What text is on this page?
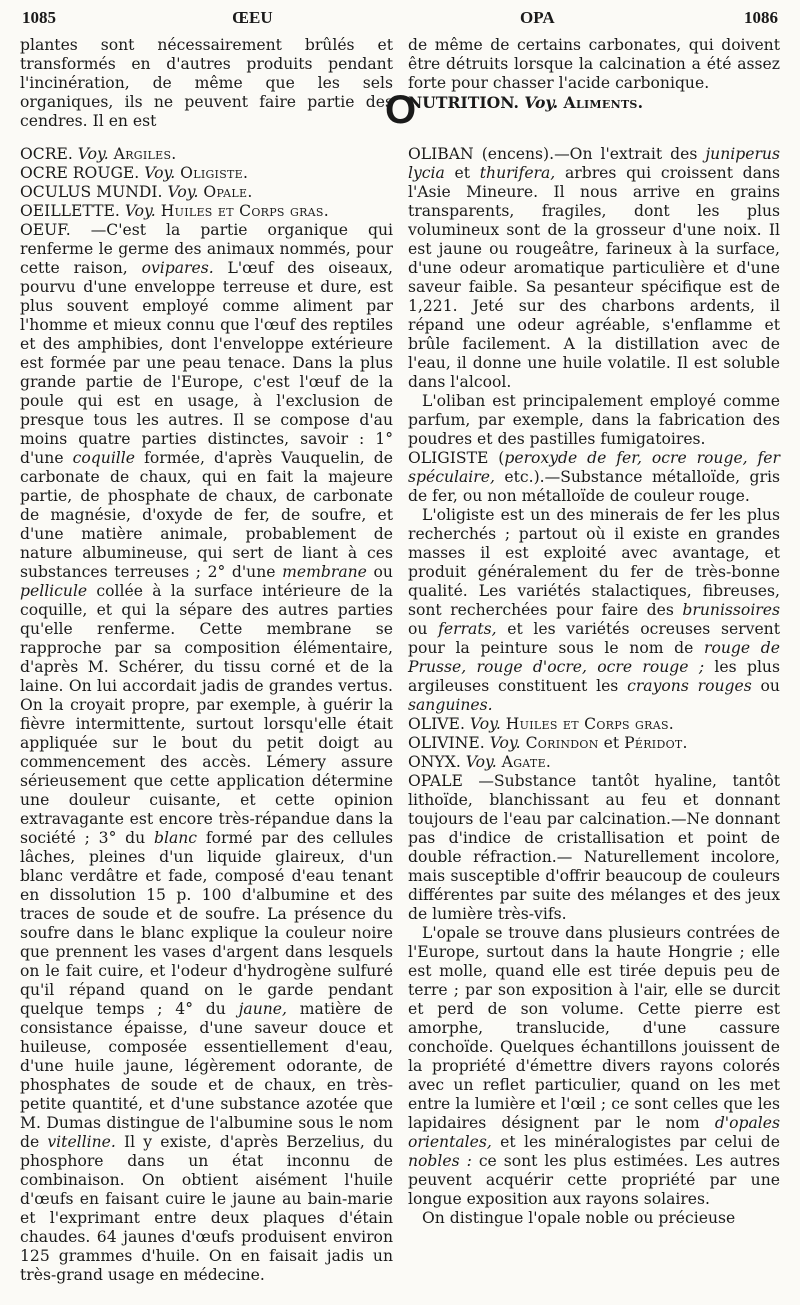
1085	ŒEU	OPA	1086

plantes sont nécessairement brûlés et transformés en d'autres produits pendant l'incinération, de même que les sels organiques, ils ne peuvent faire partie des cendres. Il en est

de même de certains carbonates, qui doivent être détruits lorsque la calcination a été assez forte pour chasser l'acide carbonique.

NUTRITION. Voy. Aliments.

O

OCRE. Voy. Argiles.

OCRE ROUGE. Voy. Oligiste.

OCULUS MUNDI. Voy. Opale.

OEILLETTE. Voy. Huiles et Corps gras.

OEUF. —C'est la partie organique qui renferme le germe des animaux nommés, pour cette raison, ovipares. L'œuf des oiseaux, pourvu d'une enveloppe terreuse et dure, est plus souvent employé comme aliment par l'homme et mieux connu que l'œuf des reptiles et des amphibies, dont l'enveloppe extérieure est formée par une peau tenace. Dans la plus grande partie de l'Europe, c'est l'œuf de la poule qui est en usage, à l'exclusion de presque tous les autres. Il se compose d'au moins quatre parties distinctes, savoir : 1° d'une coquille formée, d'après Vauquelin, de carbonate de chaux, qui en fait la majeure partie, de phosphate de chaux, de carbonate de magnésie, d'oxyde de fer, de soufre, et d'une matière animale, probablement de nature albumineuse, qui sert de liant à ces substances terreuses ; 2° d'une membrane ou pellicule collée à la surface intérieure de la coquille, et qui la sépare des autres parties qu'elle renferme. Cette membrane se rapproche par sa composition élémentaire, d'après M. Schérer, du tissu corné et de la laine. On lui accordait jadis de grandes vertus. On la croyait propre, par exemple, à guérir la fièvre intermittente, surtout lorsqu'elle était appliquée sur le bout du petit doigt au commencement des accès. Lémery assure sérieusement que cette application détermine une douleur cuisante, et cette opinion extravagante est encore très-répandue dans la société ; 3° du blanc formé par des cellules lâches, pleines d'un liquide glaireux, d'un blanc verdâtre et fade, composé d'eau tenant en dissolution 15 p. 100 d'albumine et des traces de soude et de soufre. La présence du soufre dans le blanc explique la couleur noire que prennent les vases d'argent dans lesquels on le fait cuire, et l'odeur d'hydrogène sulfuré qu'il répand quand on le garde pendant quelque temps ; 4° du jaune, matière de consistance épaisse, d'une saveur douce et huileuse, composée essentiellement d'eau, d'une huile jaune, légèrement odorante, de phosphates de soude et de chaux, en très-petite quantité, et d'une substance azotée que M. Dumas distingue de l'albumine sous le nom de vitelline. Il y existe, d'après Berzelius, du phosphore dans un état inconnu de combinaison. On obtient aisément l'huile d'œufs en faisant cuire le jaune au bain-marie et l'exprimant entre deux plaques d'étain chaudes. 64 jaunes d'œufs produisent environ 125 grammes d'huile. On en faisait jadis un très-grand usage en médecine.

OLIBAN (encens).—On l'extrait des juniperus lycia et thurifera, arbres qui croissent dans l'Asie Mineure. Il nous arrive en grains transparents, fragiles, dont les plus volumineux sont de la grosseur d'une noix. Il est jaune ou rougeâtre, farineux à la surface, d'une odeur aromatique particulière et d'une saveur faible. Sa pesanteur spécifique est de 1,221. Jeté sur des charbons ardents, il répand une odeur agréable, s'enflamme et brûle facilement. A la distillation avec de l'eau, il donne une huile volatile. Il est soluble dans l'alcool.

L'oliban est principalement employé comme parfum, par exemple, dans la fabrication des poudres et des pastilles fumigatoires.

OLIGISTE (peroxyde de fer, ocre rouge, fer spéculaire, etc.).—Substance métalloïde, gris de fer, ou non métalloïde de couleur rouge.

L'oligiste est un des minerais de fer les plus recherchés ; partout où il existe en grandes masses il est exploité avec avantage, et produit généralement du fer de très-bonne qualité. Les variétés stalactiques, fibreuses, sont recherchées pour faire des brunissoires ou ferrats, et les variétés ocreuses servent pour la peinture sous le nom de rouge de Prusse, rouge d'ocre, ocre rouge ; les plus argileuses constituent les crayons rouges ou sanguines.

OLIVE. Voy. Huiles et Corps gras.

OLIVINE. Voy. Corindon et Péridot.

ONYX. Voy. Agate.

OPALE —Substance tantôt hyaline, tantôt lithoïde, blanchissant au feu et donnant toujours de l'eau par calcination.—Ne donnant pas d'indice de cristallisation et point de double réfraction.— Naturellement incolore, mais susceptible d'offrir beaucoup de couleurs différentes par suite des mélanges et des jeux de lumière très-vifs.

L'opale se trouve dans plusieurs contrées de l'Europe, surtout dans la haute Hongrie ; elle est molle, quand elle est tirée depuis peu de terre ; par son exposition à l'air, elle se durcit et perd de son volume. Cette pierre est amorphe, translucide, d'une cassure conchoïde. Quelques échantillons jouissent de la propriété d'émettre divers rayons colorés avec un reflet particulier, quand on les met entre la lumière et l'œil ; ce sont celles que les lapidaires désignent par le nom d'opales orientales, et les minéralogistes par celui de nobles : ce sont les plus estimées. Les autres peuvent acquérir cette propriété par une longue exposition aux rayons solaires.

On distingue l'opale noble ou précieuse
